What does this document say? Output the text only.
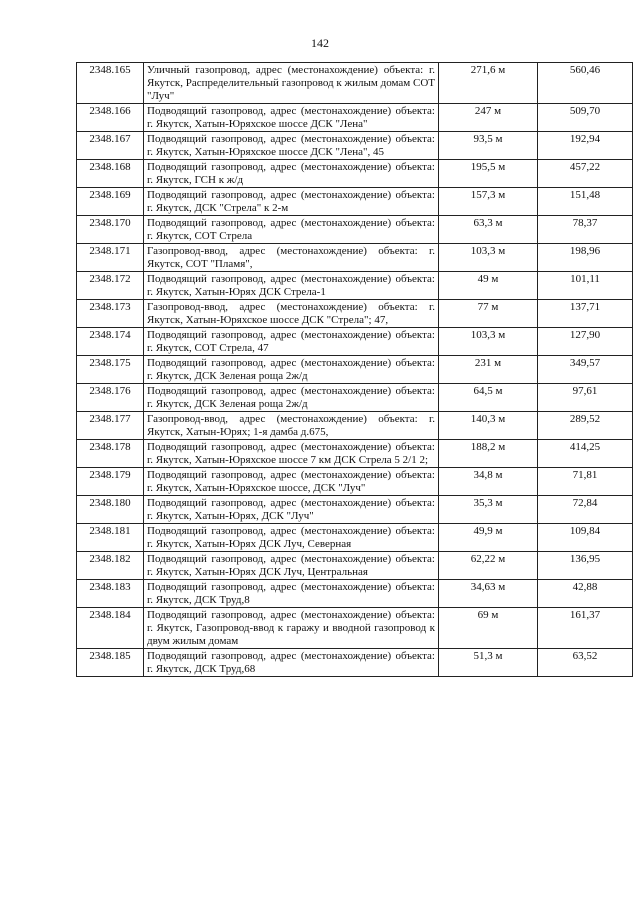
142
2348.165	Уличный газопровод, адрес (местонахождение) объекта: г. Якутск, Распределительный газопровод к жилым домам СОТ "Луч"	271,6 м	560,46
2348.166	Подводящий газопровод, адрес (местонахождение) объекта: г. Якутск, Хатын-Юряхское шоссе ДСК "Лена"	247 м	509,70
2348.167	Подводящий газопровод, адрес (местонахождение) объекта: г. Якутск, Хатын-Юряхское шоссе ДСК "Лена", 45	93,5 м	192,94
2348.168	Подводящий газопровод, адрес (местонахождение) объекта: г. Якутск, ГСН к ж/д	195,5 м	457,22
2348.169	Подводящий газопровод, адрес (местонахождение) объекта: г. Якутск, ДСК "Стрела" к 2-м	157,3 м	151,48
2348.170	Подводящий газопровод, адрес (местонахождение) объекта: г. Якутск, СОТ Стрела	63,3 м	78,37
2348.171	Газопровод-ввод, адрес (местонахождение) объекта: г. Якутск, СОТ "Пламя",	103,3 м	198,96
2348.172	Подводящий газопровод, адрес (местонахождение) объекта: г. Якутск, Хатын-Юрях ДСК Стрела-1	49 м	101,11
2348.173	Газопровод-ввод, адрес (местонахождение) объекта: г. Якутск, Хатын-Юряхское шоссе ДСК "Стрела"; 47,	77 м	137,71
2348.174	Подводящий газопровод, адрес (местонахождение) объекта: г. Якутск, СОТ Стрела, 47	103,3 м	127,90
2348.175	Подводящий газопровод, адрес (местонахождение) объекта: г. Якутск, ДСК Зеленая роща 2ж/д	231 м	349,57
2348.176	Подводящий газопровод, адрес (местонахождение) объекта: г. Якутск, ДСК Зеленая роща 2ж/д	64,5 м	97,61
2348.177	Газопровод-ввод, адрес (местонахождение) объекта: г. Якутск, Хатын-Юрях; 1-я дамба д.675,	140,3 м	289,52
2348.178	Подводящий газопровод, адрес (местонахождение) объекта: г. Якутск, Хатын-Юряхское шоссе 7 км ДСК Стрела 5 2/1 2;	188,2 м	414,25
2348.179	Подводящий газопровод, адрес (местонахождение) объекта: г. Якутск, Хатын-Юряхское шоссе, ДСК "Луч"	34,8 м	71,81
2348.180	Подводящий газопровод, адрес (местонахождение) объекта: г. Якутск, Хатын-Юрях, ДСК "Луч"	35,3 м	72,84
2348.181	Подводящий газопровод, адрес (местонахождение) объекта: г. Якутск, Хатын-Юрях ДСК Луч, Северная	49,9 м	109,84
2348.182	Подводящий газопровод, адрес (местонахождение) объекта: г. Якутск, Хатын-Юрях ДСК Луч, Центральная	62,22 м	136,95
2348.183	Подводящий газопровод, адрес (местонахождение) объекта: г. Якутск, ДСК Труд,8	34,63 м	42,88
2348.184	Подводящий газопровод, адрес (местонахождение) объекта: г. Якутск, Газопровод-ввод к гаражу и вводной газопровод к двум жилым домам	69 м	161,37
2348.185	Подводящий газопровод, адрес (местонахождение) объекта: г. Якутск, ДСК Труд,68	51,3 м	63,52
